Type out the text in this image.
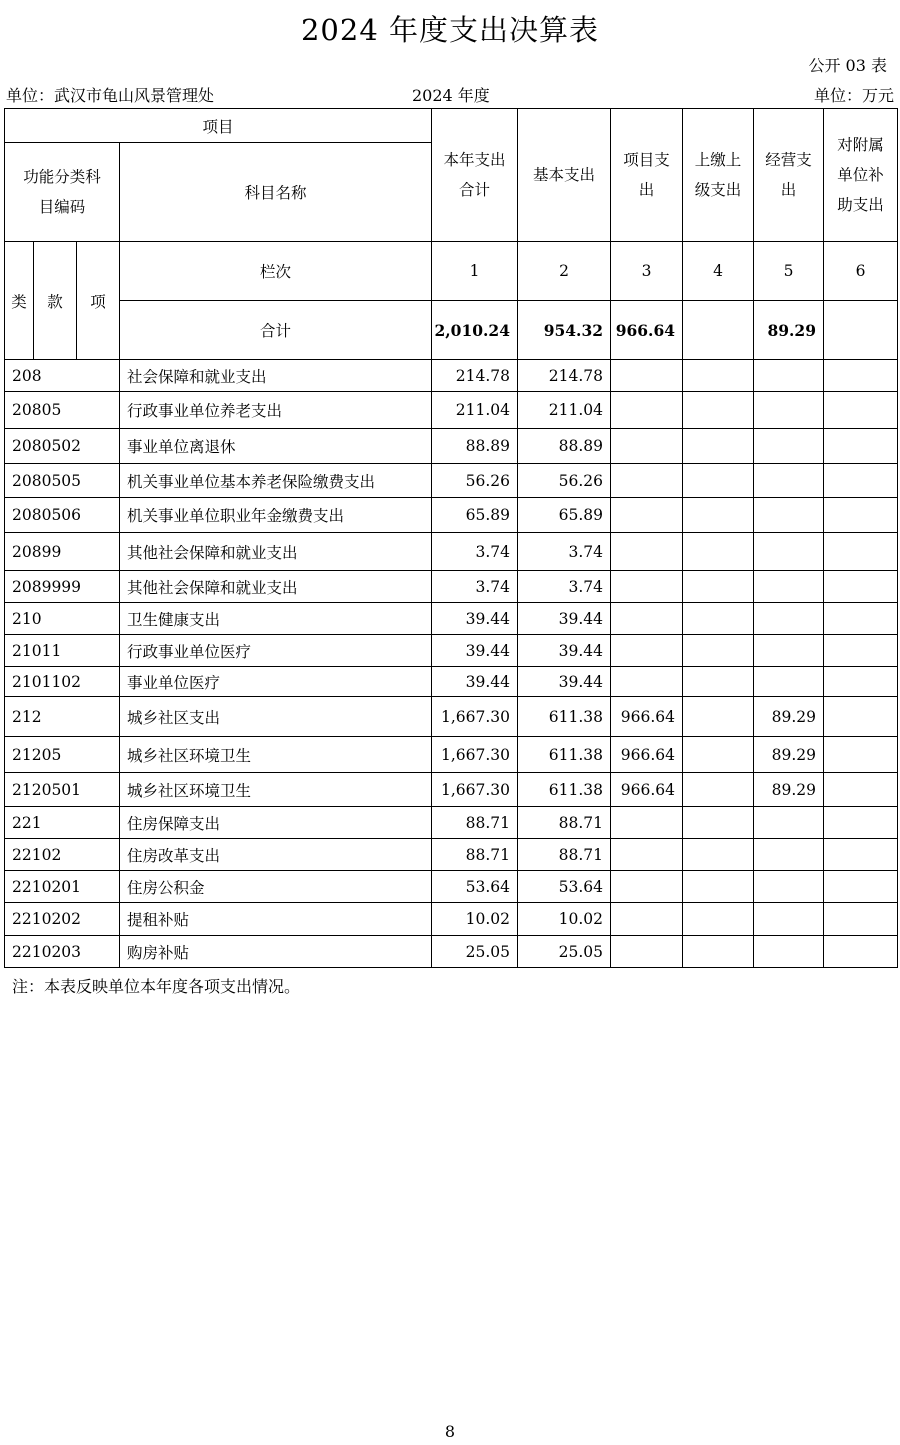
2024 年度支出决算表
公开 03 表
单位：武汉市龟山风景管理处	2024 年度	单位：万元
项目				本年支出合计	基本支出	项目支出	上缴上级支出	经营支出	对附属单位补助支出

功能分类科目编码			科目名称						
类	款	项	栏次	1	2	3	4	5	6
			合计	2,010.24	954.32	966.64		89.29	
208			社会保障和就业支出	214.78	214.78				
20805			行政事业单位养老支出	211.04	211.04				
2080502			事业单位离退休	88.89	88.89				
2080505			机关事业单位基本养老保险缴费支出	56.26	56.26				
2080506			机关事业单位职业年金缴费支出	65.89	65.89				
20899			其他社会保障和就业支出	3.74	3.74				
2089999			其他社会保障和就业支出	3.74	3.74				
210			卫生健康支出	39.44	39.44				
21011			行政事业单位医疗	39.44	39.44				
2101102			事业单位医疗	39.44	39.44				
212			城乡社区支出	1,667.30	611.38	966.64		89.29	
21205			城乡社区环境卫生	1,667.30	611.38	966.64		89.29	
2120501			城乡社区环境卫生	1,667.30	611.38	966.64		89.29	
221			住房保障支出	88.71	88.71				
22102			住房改革支出	88.71	88.71				
2210201			住房公积金	53.64	53.64				
2210202			提租补贴	10.02	10.02				
2210203			购房补贴	25.05	25.05				
注：本表反映单位本年度各项支出情况。
8
